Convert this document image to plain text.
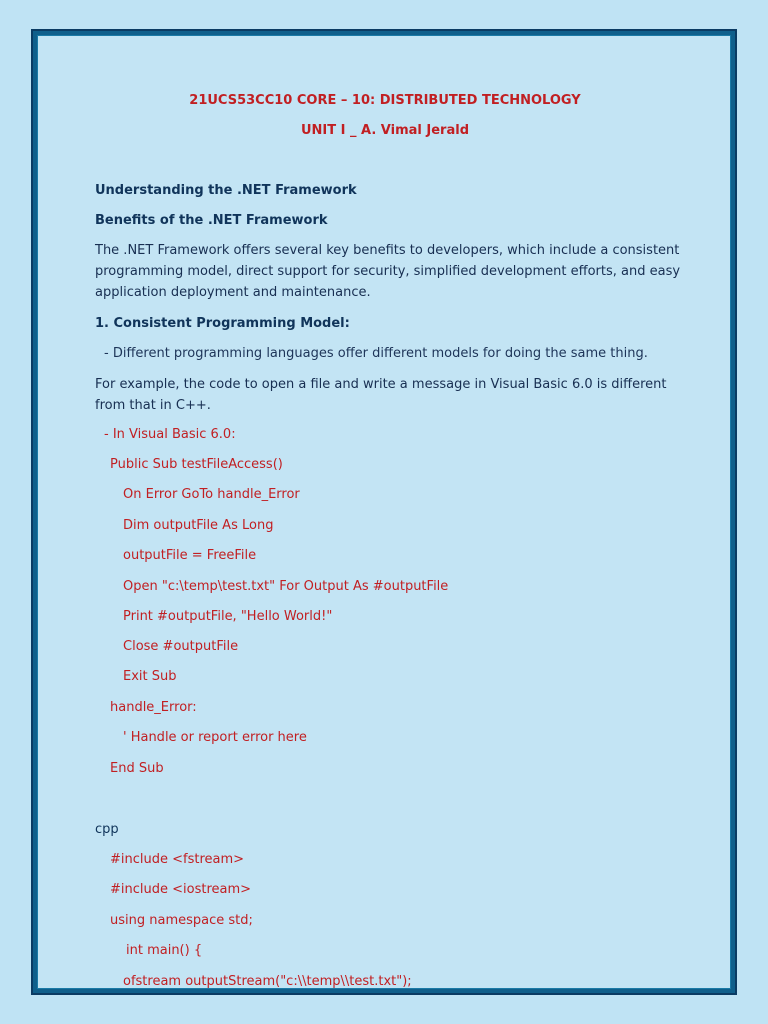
21UCS53CC10 CORE – 10: DISTRIBUTED TECHNOLOGY

UNIT I _ A. Vimal Jerald

Understanding the .NET Framework

Benefits of the .NET Framework

The .NET Framework offers several key benefits to developers, which include a consistent programming model, direct support for security, simplified development efforts, and easy application deployment and maintenance.

1. Consistent Programming Model:

- Different programming languages offer different models for doing the same thing.

For example, the code to open a file and write a message in Visual Basic 6.0 is different from that in C++.

- In Visual Basic 6.0:

Public Sub testFileAccess()

On Error GoTo handle_Error

Dim outputFile As Long

outputFile = FreeFile

Open "c:\temp\test.txt" For Output As #outputFile

Print #outputFile, "Hello World!"

Close #outputFile

Exit Sub

handle_Error:

' Handle or report error here

End Sub

cpp

#include <fstream>

#include <iostream>

using namespace std;

int main() {

ofstream outputStream("c:\\temp\\test.txt");
